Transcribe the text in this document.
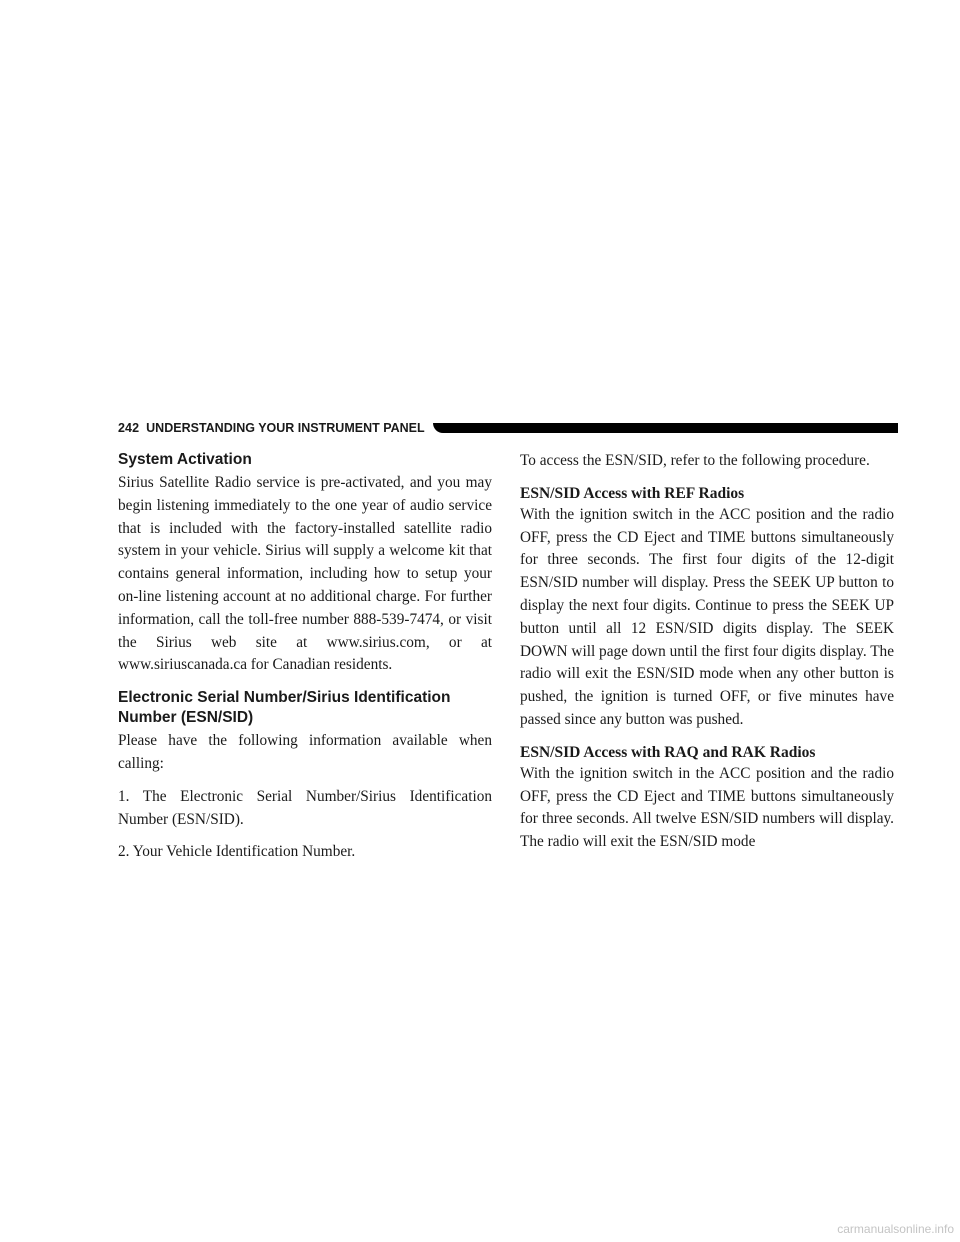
242 UNDERSTANDING YOUR INSTRUMENT PANEL
System Activation

Sirius Satellite Radio service is pre-activated, and you may begin listening immediately to the one year of audio service that is included with the factory-installed satellite radio system in your vehicle. Sirius will supply a welcome kit that contains general information, including how to setup your on-line listening account at no additional charge. For further information, call the toll-free number 888-539-7474, or visit the Sirius web site at www.sirius.com, or at www.siriuscanada.ca for Canadian residents.

Electronic Serial Number/Sirius Identification
Number (ESN/SID)

Please have the following information available when calling:

1. The Electronic Serial Number/Sirius Identification Number (ESN/SID).

2. Your Vehicle Identification Number.

To access the ESN/SID, refer to the following procedure.

ESN/SID Access with REF Radios

With the ignition switch in the ACC position and the radio OFF, press the CD Eject and TIME buttons simultaneously for three seconds. The first four digits of the 12-digit ESN/SID number will display. Press the SEEK UP button to display the next four digits. Continue to press the SEEK UP button until all 12 ESN/SID digits display. The SEEK DOWN will page down until the first four digits display. The radio will exit the ESN/SID mode when any other button is pushed, the ignition is turned OFF, or five minutes have passed since any button was pushed.

ESN/SID Access with RAQ and RAK Radios

With the ignition switch in the ACC position and the radio OFF, press the CD Eject and TIME buttons simultaneously for three seconds. All twelve ESN/SID numbers will display. The radio will exit the ESN/SID mode

carmanualsonline.info
